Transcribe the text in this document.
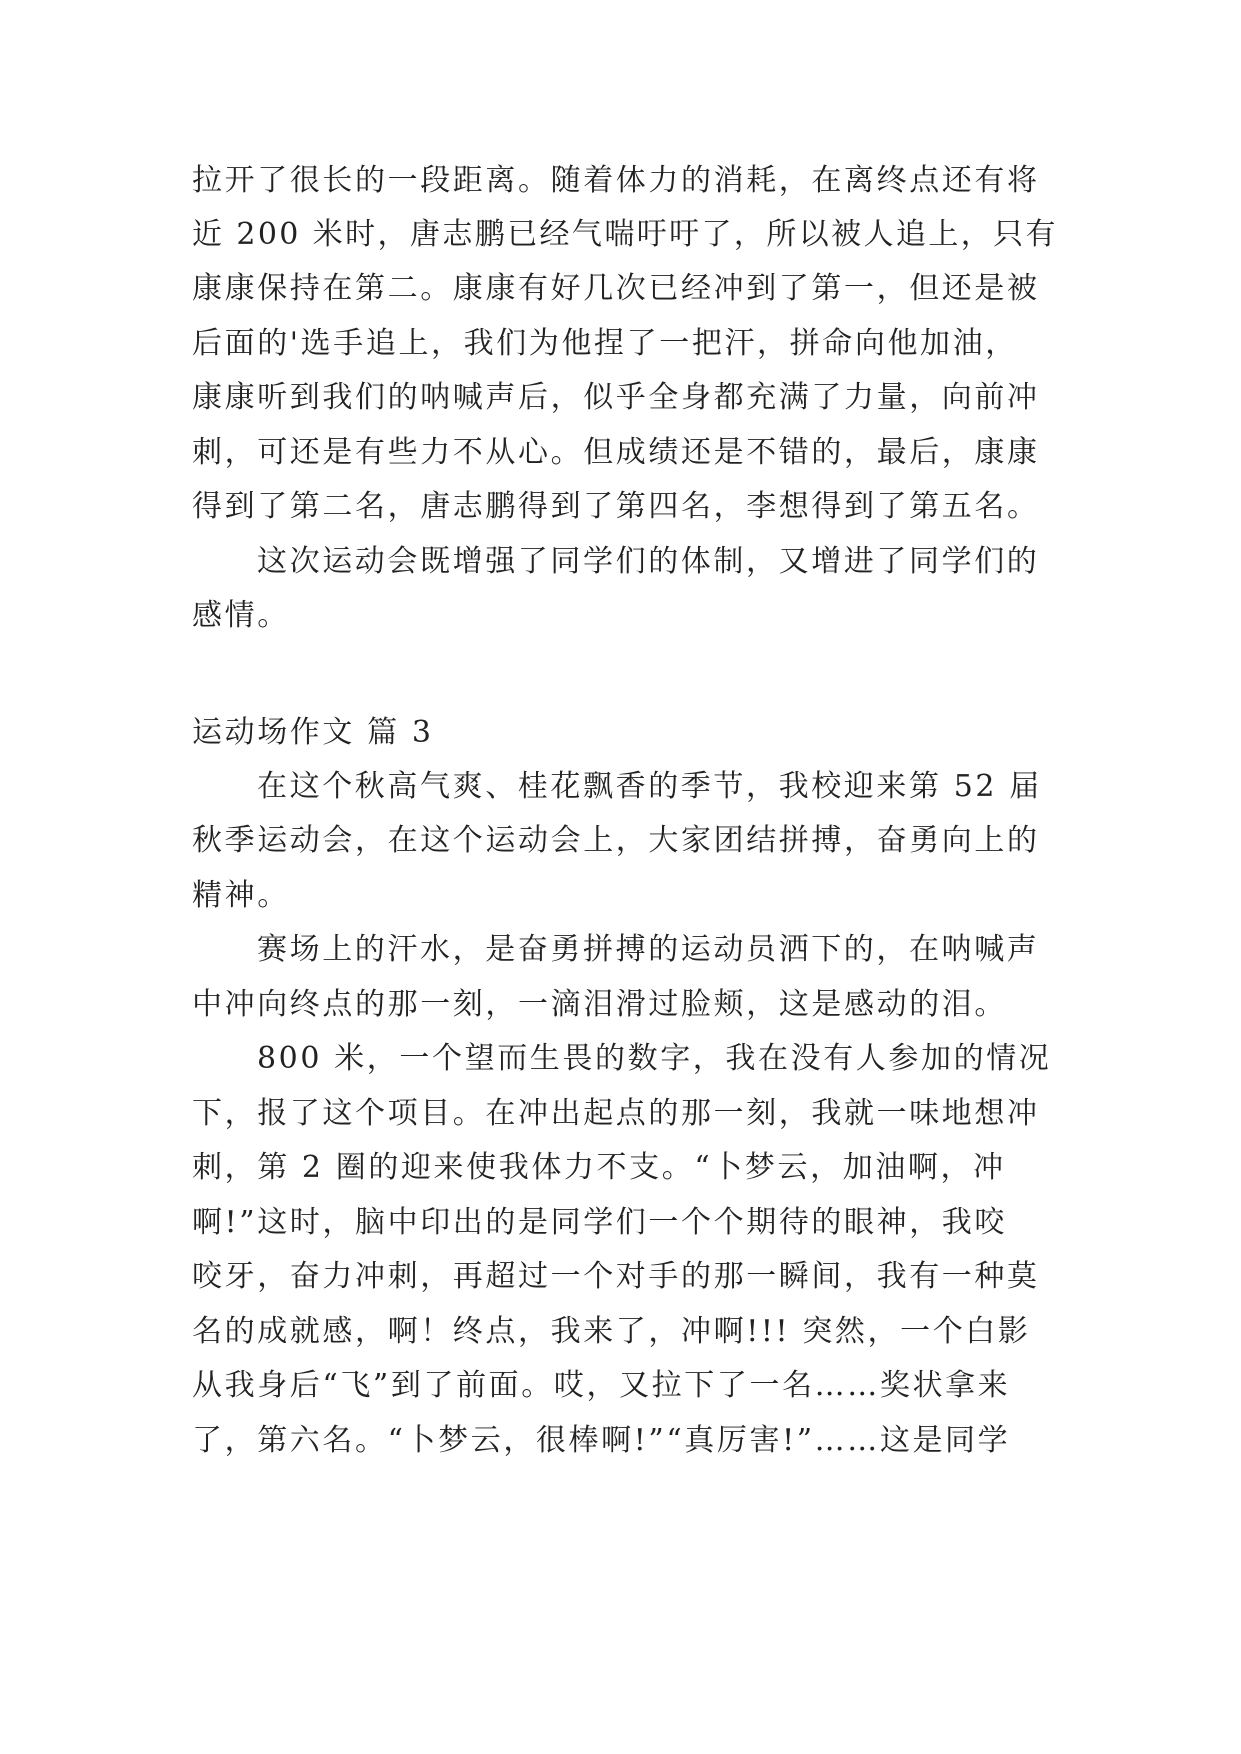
拉开了很长的一段距离。随着体力的消耗，在离终点还有将
近 200 米时，唐志鹏已经气喘吁吁了，所以被人追上，只有
康康保持在第二。康康有好几次已经冲到了第一，但还是被
后面的'选手追上，我们为他捏了一把汗，拼命向他加油，
康康听到我们的呐喊声后，似乎全身都充满了力量，向前冲
刺，可还是有些力不从心。但成绩还是不错的，最后，康康
得到了第二名，唐志鹏得到了第四名，李想得到了第五名。
这次运动会既增强了同学们的体制，又增进了同学们的
感情。
运动场作文 篇 3
在这个秋高气爽、桂花飘香的季节，我校迎来第 52 届
秋季运动会，在这个运动会上，大家团结拼搏，奋勇向上的
精神。
赛场上的汗水，是奋勇拼搏的运动员洒下的，在呐喊声
中冲向终点的那一刻，一滴泪滑过脸颊，这是感动的泪。
800 米，一个望而生畏的数字，我在没有人参加的情况
下，报了这个项目。在冲出起点的那一刻，我就一味地想冲
刺，第 2 圈的迎来使我体力不支。“卜梦云，加油啊，冲
啊!”这时，脑中印出的是同学们一个个期待的眼神，我咬
咬牙，奋力冲刺，再超过一个对手的那一瞬间，我有一种莫
名的成就感，啊！终点，我来了，冲啊!!! 突然，一个白影
从我身后“飞”到了前面。哎，又拉下了一名……奖状拿来
了，第六名。“卜梦云，很棒啊!”“真厉害!”……这是同学
